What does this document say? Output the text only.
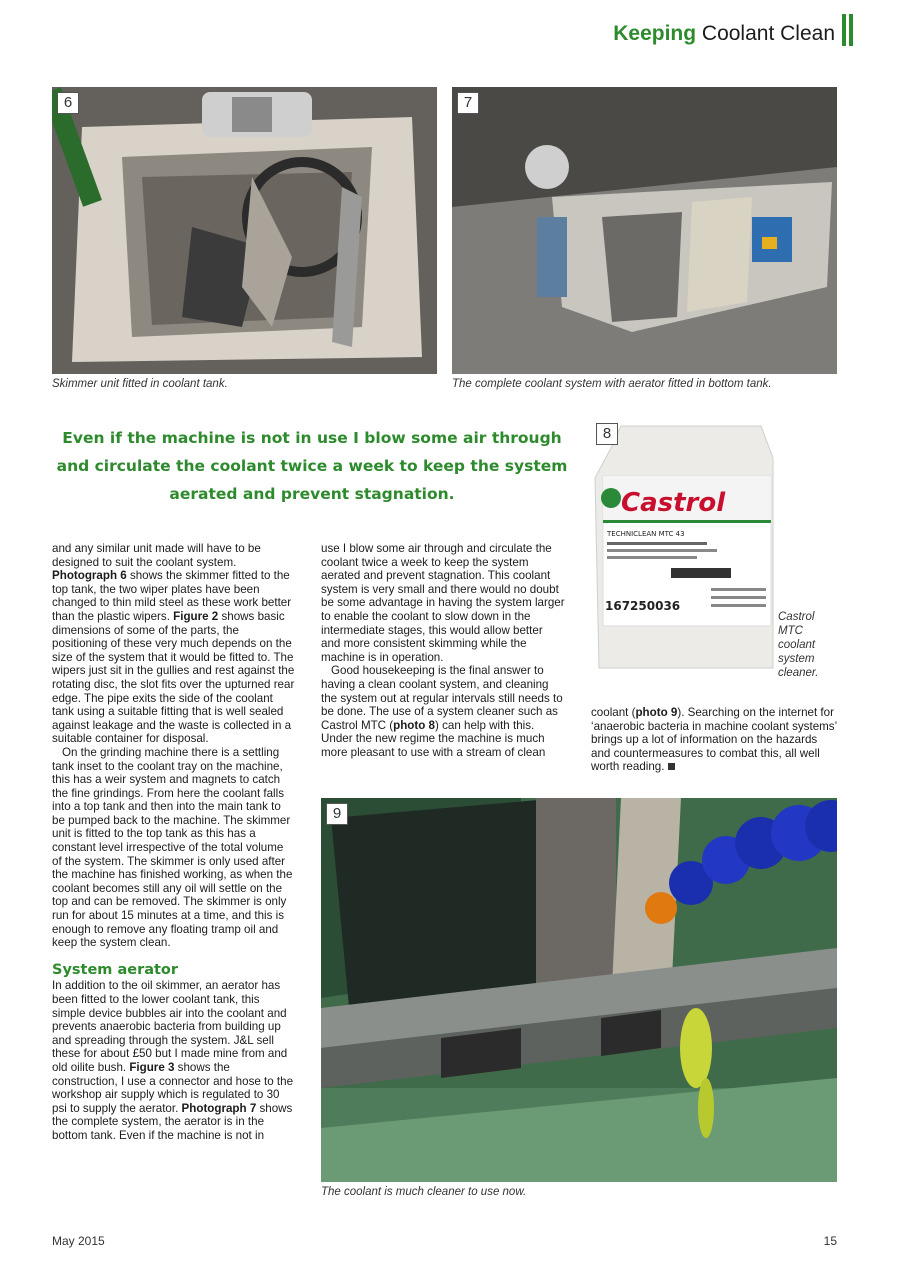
Keeping Coolant Clean
6
Skimmer unit fitted in coolant tank.
7
The complete coolant system with aerator fitted in bottom tank.
Even if the machine is not in use I blow some air through and circulate the coolant twice a week to keep the system aerated and prevent stagnation.	Castrol
TECHNICLEAN MTC 43
167250036
8
Castrol MTC coolant system cleaner.

and any similar unit made will have to be designed to suit the coolant system. Photograph 6 shows the skimmer fitted to the top tank, the two wiper plates have been changed to thin mild steel as these work better than the plastic wipers. Figure 2 shows basic dimensions of some of the parts, the positioning of these very much depends on the size of the system that it would be fitted to. The wipers just sit in the gullies and rest against the rotating disc, the slot fits over the upturned rear edge. The pipe exits the side of the coolant tank using a suitable fitting that is well sealed against leakage and the waste is collected in a suitable container for disposal.

On the grinding machine there is a settling tank inset to the coolant tray on the machine, this has a weir system and magnets to catch the fine grindings. From here the coolant falls into a top tank and then into the main tank to be pumped back to the machine. The skimmer unit is fitted to the top tank as this has a constant level irrespective of the total volume of the system. The skimmer is only used after the machine has finished working, as when the coolant becomes still any oil will settle on the top and can be removed. The skimmer is only run for about 15 minutes at a time, and this is enough to remove any floating tramp oil and keep the system clean.

System aerator

In addition to the oil skimmer, an aerator has been fitted to the lower coolant tank, this simple device bubbles air into the coolant and prevents anaerobic bacteria from building up and spreading through the system. J&L sell these for about £50 but I made mine from and old oilite bush. Figure 3 shows the construction, I use a connector and hose to the workshop air supply which is regulated to 30 psi to supply the aerator. Photograph 7 shows the complete system, the aerator is in the bottom tank. Even if the machine is not in

use I blow some air through and circulate the coolant twice a week to keep the system aerated and prevent stagnation. This coolant system is very small and there would no doubt be some advantage in having the system larger to enable the coolant to slow down in the intermediate stages, this would allow better and more consistent skimming while the machine is in operation.

Good housekeeping is the final answer to having a clean coolant system, and cleaning the system out at regular intervals still needs to be done. The use of a system cleaner such as Castrol MTC (photo 8) can help with this. Under the new regime the machine is much more pleasant to use with a stream of clean

coolant (photo 9). Searching on the internet for ‘anaerobic bacteria in machine coolant systems’ brings up a lot of information on the hazards and countermeasures to combat this, all well worth reading.

9
The coolant is much cleaner to use now.
May 2015	15
